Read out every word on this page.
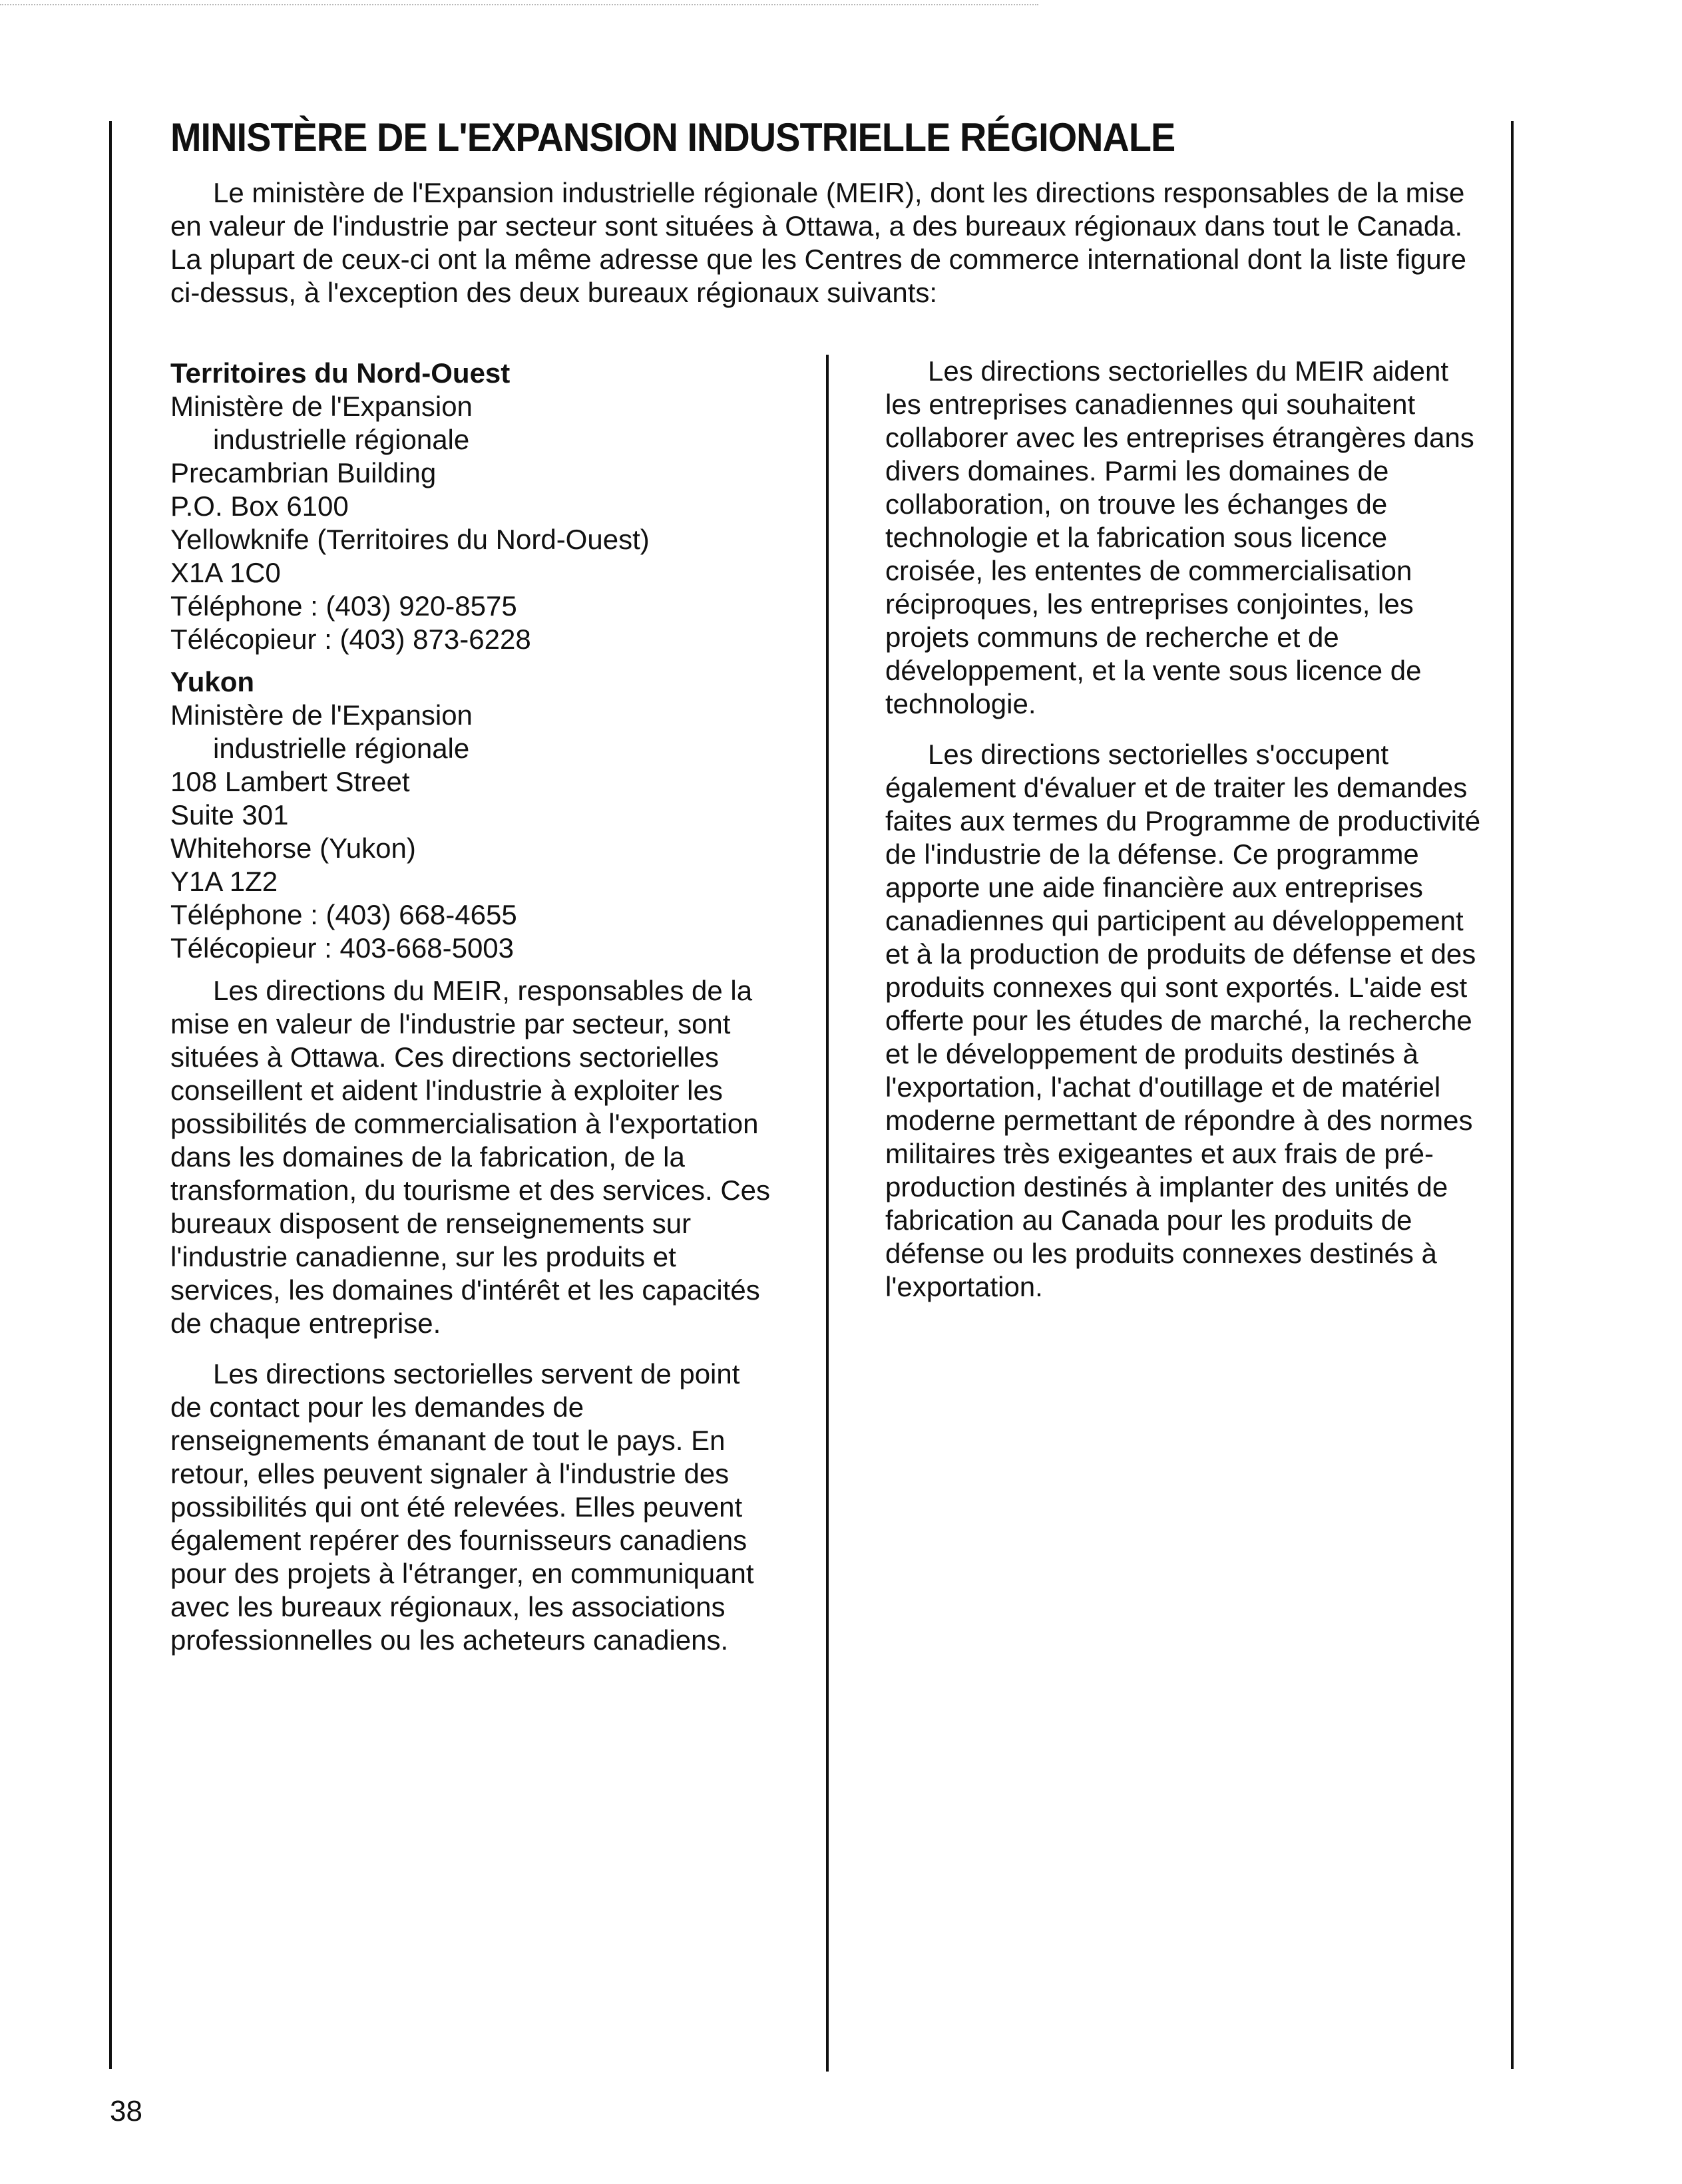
MINISTÈRE DE L'EXPANSION INDUSTRIELLE RÉGIONALE

Le ministère de l'Expansion industrielle régionale (MEIR), dont les directions responsables de la mise en valeur de l'industrie par secteur sont situées à Ottawa, a des bureaux régionaux dans tout le Canada. La plupart de ceux-ci ont la même adresse que les Centres de commerce international dont la liste figure ci-dessus, à l'exception des deux bureaux régionaux suivants:

Territoires du Nord-Ouest
Ministère de l'Expansion
industrielle régionale
Precambrian Building
P.O. Box 6100
Yellowknife (Territoires du Nord-Ouest)
X1A 1C0
Téléphone : (403) 920-8575
Télécopieur : (403) 873-6228
Yukon
Ministère de l'Expansion
industrielle régionale
108 Lambert Street
Suite 301
Whitehorse (Yukon)
Y1A 1Z2
Téléphone : (403) 668-4655
Télécopieur : 403-668-5003

Les directions du MEIR, responsables de la mise en valeur de l'industrie par secteur, sont situées à Ottawa. Ces directions sectorielles conseillent et aident l'industrie à exploiter les possibilités de commercialisation à l'exportation dans les domaines de la fabrication, de la transformation, du tourisme et des services. Ces bureaux disposent de renseignements sur l'industrie canadienne, sur les produits et services, les domaines d'intérêt et les capacités de chaque entreprise.

Les directions sectorielles servent de point de contact pour les demandes de renseignements émanant de tout le pays. En retour, elles peuvent signaler à l'industrie des possibilités qui ont été relevées. Elles peuvent également repérer des fournisseurs canadiens pour des projets à l'étranger, en communiquant avec les bureaux régionaux, les associations professionnelles ou les acheteurs canadiens.

Les directions sectorielles du MEIR aident les entreprises canadiennes qui souhaitent collaborer avec les entreprises étrangères dans divers domaines. Parmi les domaines de collaboration, on trouve les échanges de technologie et la fabrication sous licence croisée, les ententes de commercialisation réciproques, les entreprises conjointes, les projets communs de recherche et de développement, et la vente sous licence de technologie.

Les directions sectorielles s'occupent également d'évaluer et de traiter les demandes faites aux termes du Programme de productivité de l'industrie de la défense. Ce programme apporte une aide financière aux entreprises canadiennes qui participent au développement et à la production de produits de défense et des produits connexes qui sont exportés. L'aide est offerte pour les études de marché, la recherche et le développement de produits destinés à l'exportation, l'achat d'outillage et de matériel moderne permettant de répondre à des normes militaires très exigeantes et aux frais de pré-production destinés à implanter des unités de fabrication au Canada pour les produits de défense ou les produits connexes destinés à l'exportation.

38
